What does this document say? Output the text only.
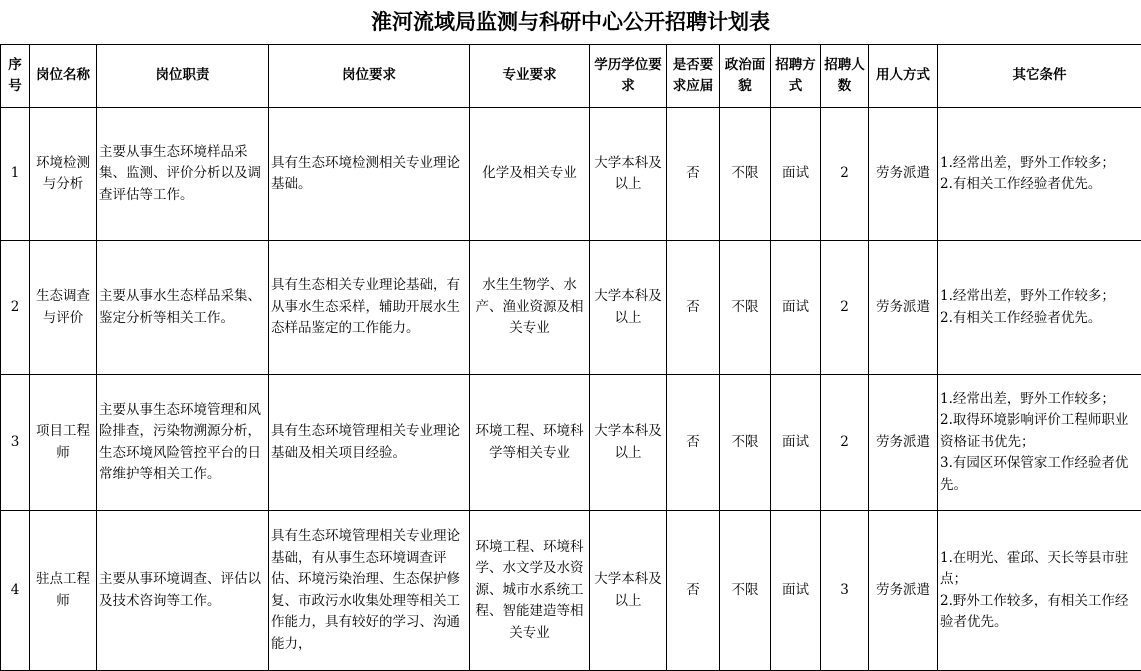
淮河流域局监测与科研中心公开招聘计划表
序号	岗位名称	岗位职责	岗位要求	专业要求	学历学位要求	是否要求应届	政治面貌	招聘方式	招聘人数	用人方式	其它条件
1	环境检测与分析	主要从事生态环境样品采集、监测、评价分析以及调查评估等工作。	具有生态环境检测相关专业理论基础。	化学及相关专业	大学本科及以上	否	不限	面试	2	劳务派遣	1.经常出差，野外工作较多；
2.有相关工作经验者优先。

2	生态调查与评价	主要从事水生态样品采集、鉴定分析等相关工作。	具有生态相关专业理论基础，有从事水生态采样，辅助开展水生态样品鉴定的工作能力。	水生生物学、水产、渔业资源及相关专业	大学本科及以上	否	不限	面试	2	劳务派遣	1.经常出差，野外工作较多；
2.有相关工作经验者优先。

3	项目工程师	主要从事生态环境管理和风险排查，污染物溯源分析，生态环境风险管控平台的日常维护等相关工作。	具有生态环境管理相关专业理论基础及相关项目经验。	环境工程、环境科学等相关专业	大学本科及以上	否	不限	面试	2	劳务派遣	1.经常出差，野外工作较多；
2.取得环境影响评价工程师职业资格证书优先；
3.有园区环保管家工作经验者优先。

4	驻点工程师	主要从事环境调查、评估以及技术咨询等工作。	具有生态环境管理相关专业理论基础，有从事生态环境调查评估、环境污染治理、生态保护修复、市政污水收集处理等相关工作能力，具有较好的学习、沟通能力，	环境工程、环境科学、水文学及水资源、城市水系统工程、智能建造等相关专业	大学本科及以上	否	不限	面试	3	劳务派遣	1.在明光、霍邱、天长等县市驻点；
2.野外工作较多，有相关工作经验者优先。
